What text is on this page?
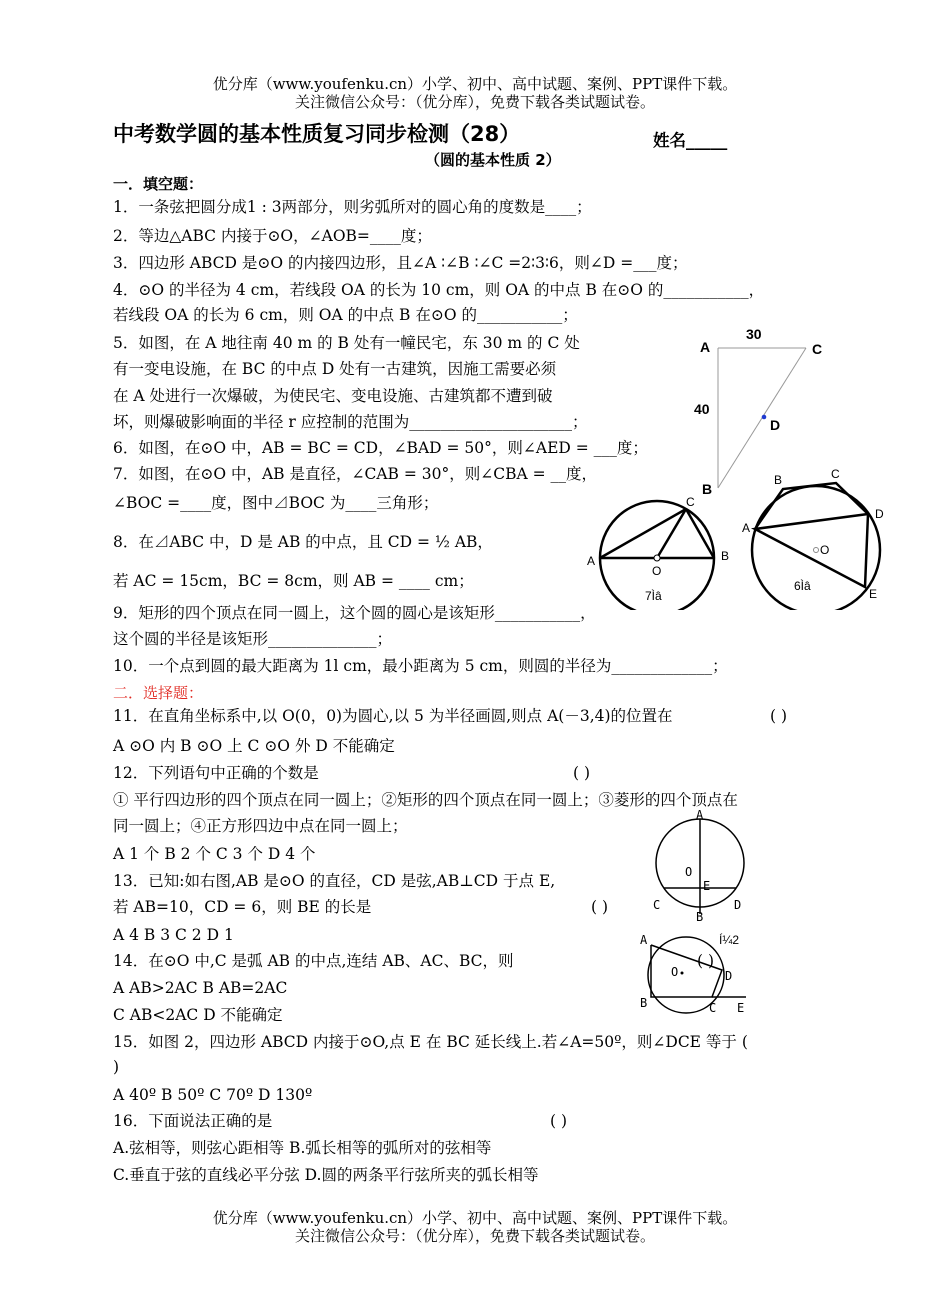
优分库（www.youfenku.cn）小学、初中、高中试题、案例、PPT课件下载。
关注微信公众号：（优分库），免费下载各类试题试卷。
中考数学圆的基本性质复习同步检测（28）	姓名_____
（圆的基本性质 2）
一．填空题：
1．一条弦把圆分成1 : 3两部分，则劣弧所对的圆心角的度数是____；
2．等边△ABC 内接于⊙O，∠AOB=____度；
3．四边形 ABCD 是⊙O 的内接四边形，且∠A ∶∠B ∶∠C =2∶3∶6，则∠D =___度；
4．⊙O 的半径为 4 cm，若线段 OA 的长为 10 cm，则 OA 的中点 B 在⊙O 的___________，
若线段 OA 的长为 6 cm，则 OA 的中点 B 在⊙O 的___________；
5．如图，在 A 地往南 40 m 的 B 处有一幢民宅，东 30 m 的 C 处
有一变电设施，在 BC 的中点 D 处有一古建筑，因施工需要必须
在 A 处进行一次爆破，为使民宅、变电设施、古建筑都不遭到破
坏，则爆破影响面的半径 r 应控制的范围为_____________________；
6．如图，在⊙O 中，AB = BC = CD，∠BAD = 50°，则∠AED = ___度；
7．如图，在⊙O 中，AB 是直径，∠CAB = 30°，则∠CBA = __度，
∠BOC =____度，图中⊿BOC 为____三角形；
8．在⊿ABC 中，D 是 AB 的中点，且 CD = ½ AB，
若 AC = 15cm，BC = 8cm，则 AB = ____ cm；
9．矩形的四个顶点在同一圆上，这个圆的圆心是该矩形___________，
这个圆的半径是该矩形______________；
10．一个点到圆的最大距离为 1l cm，最小距离为 5 cm，则圆的半径为_____________；
二．选择题：
11．在直角坐标系中,以 O(0，0)为圆心,以 5 为半径画圆,则点 A(－3,4)的位置在	( )
A ⊙O 内 B ⊙O 上 C ⊙O 外 D 不能确定
12．下列语句中正确的个数是	( )
① 平行四边形的四个顶点在同一圆上；②矩形的四个顶点在同一圆上；③菱形的四个顶点在
同一圆上；④正方形四边中点在同一圆上；
A 1 个 B 2 个 C 3 个 D 4 个
13．已知:如右图,AB 是⊙O 的直径，CD 是弦,AB⊥CD 于点 E,
若 AB=10，CD = 6，则 BE 的长是	( )
A 4 B 3 C 2 D 1
14．在⊙O 中,C 是弧 AB 的中点,连结 AB、AC、BC，则	( )
A AB>2AC B AB=2AC
C AB<2AC D 不能确定
15．如图 2，四边形 ABCD 内接于⊙O,点 E 在 BC 延长线上.若∠A=50º，则∠DCE 等于 (
)
A 40º B 50º C 70º D 130º
16．下面说法正确的是	( )
A.弦相等，则弦心距相等 B.弧长相等的弧所对的弦相等
C.垂直于弦的直线必平分弦 D.圆的两条平行弦所夹的弧长相等
A
30
C
40
D
B
A	B
C
O
7Ìâ
A
B	C
D
E
O
6Ìâ
A
O
E
C	D
B
A
O	D
B	C E
Í¼2
优分库（www.youfenku.cn）小学、初中、高中试题、案例、PPT课件下载。
关注微信公众号：（优分库），免费下载各类试题试卷。
